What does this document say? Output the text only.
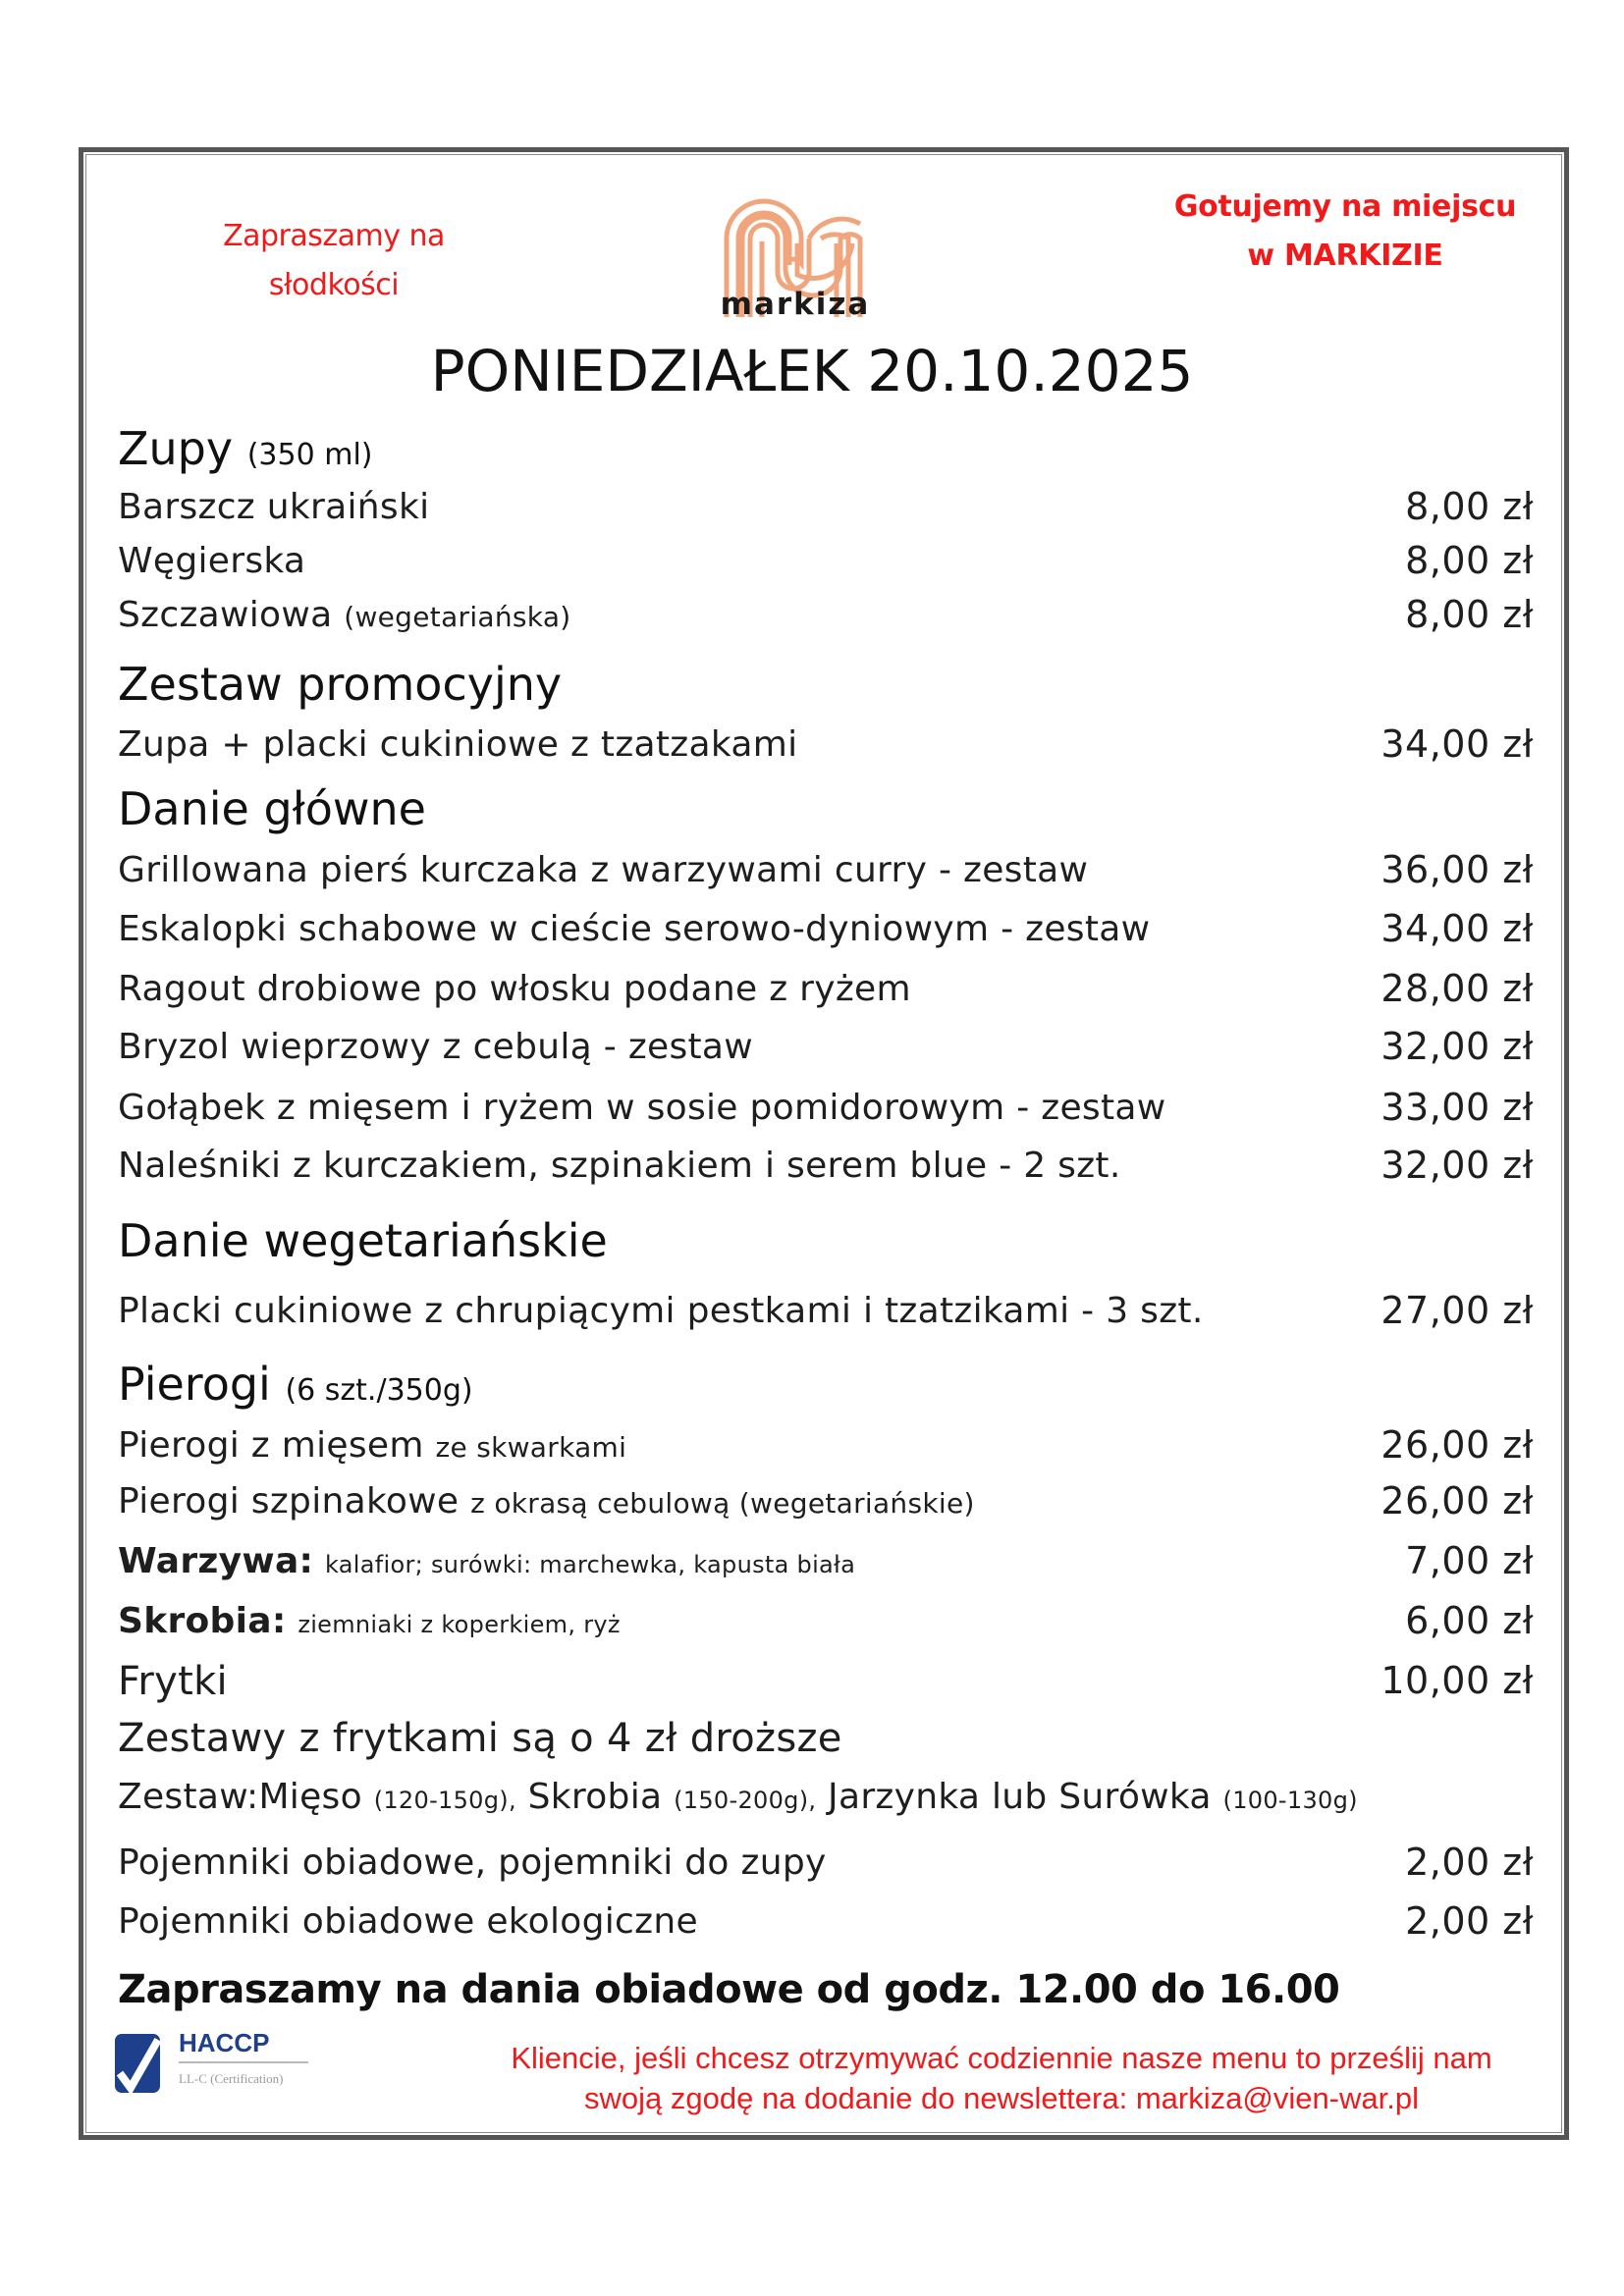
Zapraszamy na
słodkości
markiza
Gotujemy na miejscu
w MARKIZIE
PONIEDZIAŁEK 20.10.2025
Zupy (350 ml)
Barszcz ukraiński	8,00 zł
Węgierska	8,00 zł
Szczawiowa (wegetariańska)	8,00 zł
Zestaw promocyjny
Zupa + placki cukiniowe z tzatzakami	34,00 zł
Danie główne
Grillowana pierś kurczaka z warzywami curry - zestaw	36,00 zł
Eskalopki schabowe w cieście serowo-dyniowym - zestaw	34,00 zł
Ragout drobiowe po włosku podane z ryżem	28,00 zł
Bryzol wieprzowy z cebulą - zestaw	32,00 zł
Gołąbek z mięsem i ryżem w sosie pomidorowym - zestaw	33,00 zł
Naleśniki z kurczakiem, szpinakiem i serem blue - 2 szt.	32,00 zł
Danie wegetariańskie
Placki cukiniowe z chrupiącymi pestkami i tzatzikami - 3 szt.	27,00 zł
Pierogi (6 szt./350g)
Pierogi z mięsem ze skwarkami	26,00 zł
Pierogi szpinakowe z okrasą cebulową (wegetariańskie)	26,00 zł
Warzywa: kalafior; surówki: marchewka, kapusta biała	7,00 zł
Skrobia: ziemniaki z koperkiem, ryż	6,00 zł
Frytki	10,00 zł
Zestawy z frytkami są o 4 zł droższe
Zestaw:Mięso (120-150g), Skrobia (150-200g), Jarzynka lub Surówka (100-130g)
Pojemniki obiadowe, pojemniki do zupy	2,00 zł
Pojemniki obiadowe ekologiczne	2,00 zł
Zapraszamy na dania obiadowe od godz. 12.00 do 16.00
HACCP
LL-C (Certification)
Kliencie, jeśli chcesz otrzymywać codziennie nasze menu to prześlij nam
swoją zgodę na dodanie do newslettera: markiza@vien-war.pl
